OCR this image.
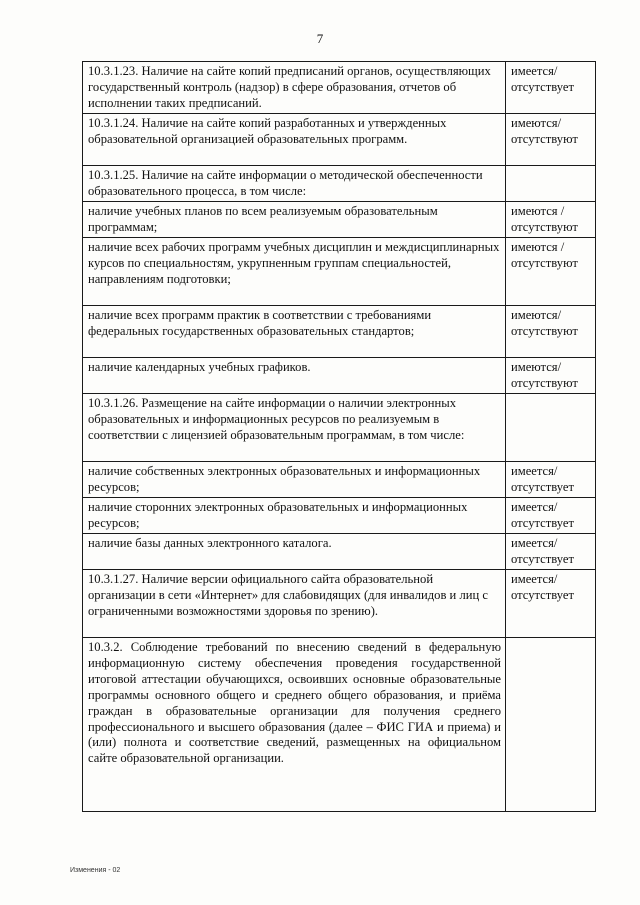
7
10.3.1.23. Наличие на сайте копий предписаний органов, осуществляющих государственный контроль (надзор) в сфере образования, отчетов об исполнении таких предписаний.	имеется/ отсутствует
10.3.1.24. Наличие на сайте копий разработанных и утвержденных образовательной организацией образовательных программ.	имеются/ отсутствуют
10.3.1.25. Наличие на сайте информации о методической обеспеченности образовательного процесса, в том числе:	
наличие учебных планов по всем реализуемым образовательным программам;	имеются / отсутствуют
наличие всех рабочих программ учебных дисциплин и междисциплинарных курсов по специальностям, укрупненным группам специальностей, направлениям подготовки;	имеются / отсутствуют
наличие всех программ практик в соответствии с требованиями федеральных государственных образовательных стандартов;	имеются/ отсутствуют
наличие календарных учебных графиков.	имеются/ отсутствуют
10.3.1.26. Размещение на сайте информации о наличии электронных образовательных и информационных ресурсов по реализуемым в соответствии с лицензией образовательным программам, в том числе:	
наличие собственных электронных образовательных и информационных ресурсов;	имеется/ отсутствует
наличие сторонних электронных образовательных и информационных ресурсов;	имеется/ отсутствует
наличие базы данных электронного каталога.	имеется/ отсутствует
10.3.1.27. Наличие версии официального сайта образовательной организации в сети «Интернет» для слабовидящих (для инвалидов и лиц с ограниченными возможностями здоровья по зрению).	имеется/ отсутствует
10.3.2. Соблюдение требований по внесению сведений в федеральную информационную систему обеспечения проведения государственной итоговой аттестации обучающихся, освоивших основные образовательные программы основного общего и среднего общего образования, и приёма граждан в образовательные организации для получения среднего профессионального и высшего образования (далее – ФИС ГИА и приема) и (или) полнота и соответствие сведений, размещенных на официальном сайте образовательной организации.	
Изменения - 02
